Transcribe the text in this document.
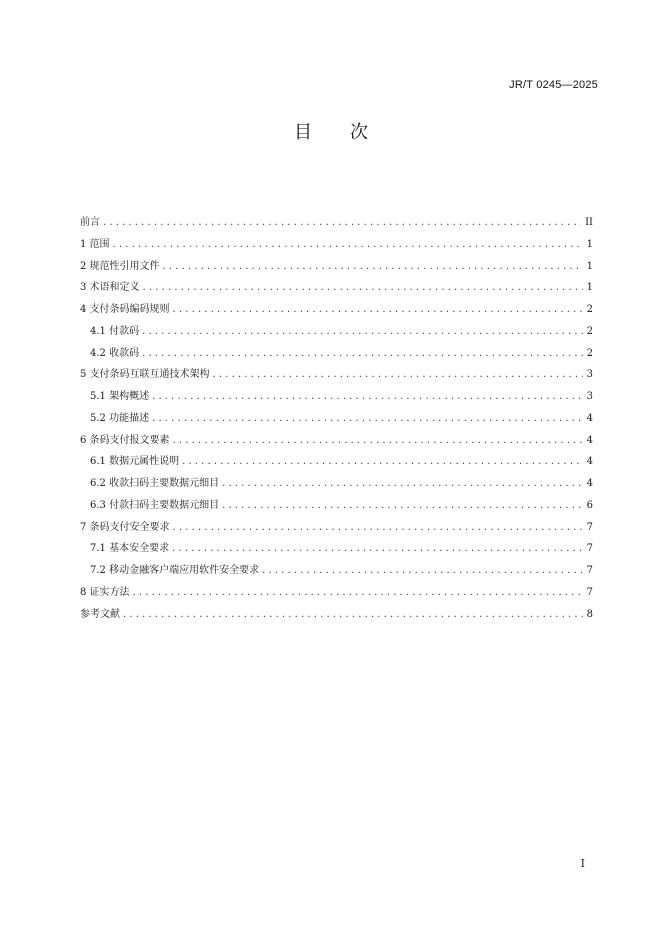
JR/T 0245—2025
目次
前言 . . .	II
1 范围 . . .	1
2 规范性引用文件 . . .	1
3 术语和定义 . . .	1
4 支付条码编码规则 . . .	2
4.1 付款码 . . .	2
4.2 收款码 . . .	2
5 支付条码互联互通技术架构 . . .	3
5.1 架构概述 . . .	3
5.2 功能描述 . . .	4
6 条码支付报文要素 . . .	4
6.1 数据元属性说明 . . .	4
6.2 收款扫码主要数据元细目 . . .	4
6.3 付款扫码主要数据元细目 . . .	6
7 条码支付安全要求 . . .	7
7.1 基本安全要求 . . .	7
7.2 移动金融客户端应用软件安全要求 . . .	7
8 证实方法 . . .	7
参考文献 . . .	8
I
